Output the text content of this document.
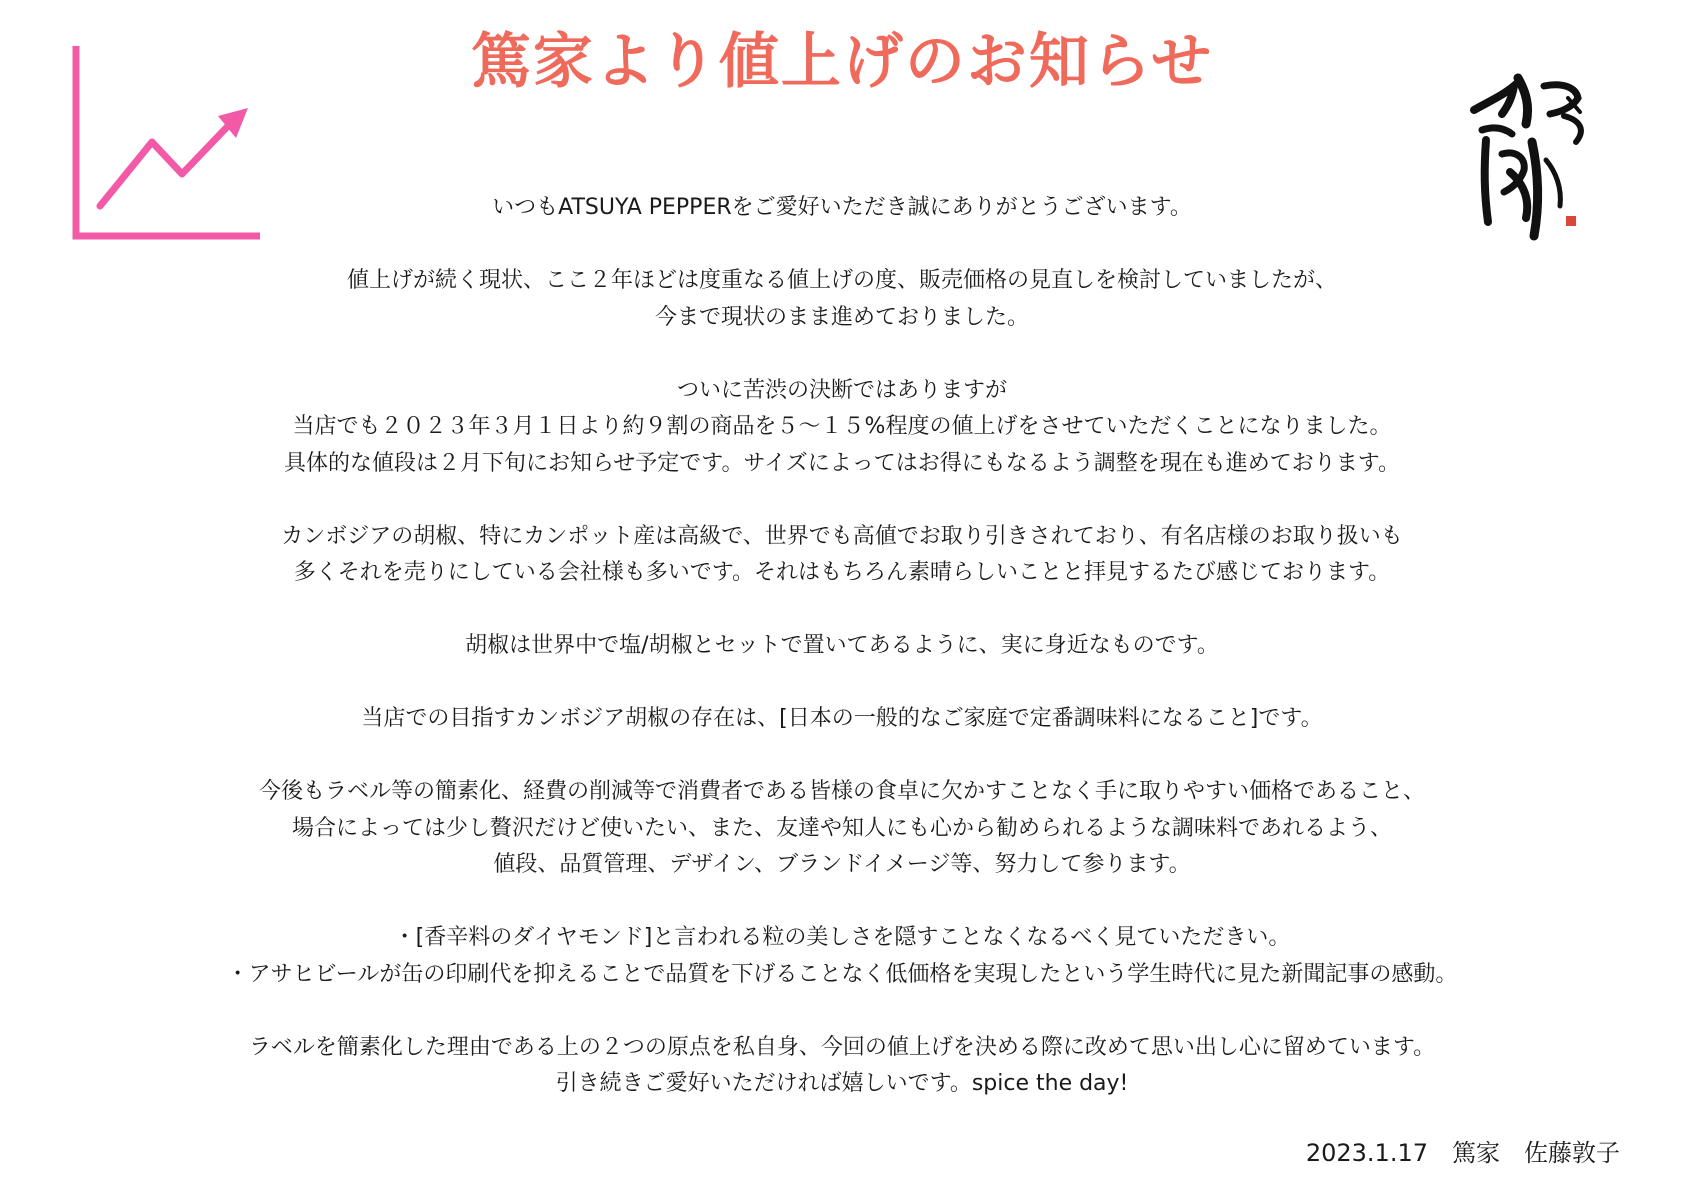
篤家より値上げのお知らせ
いつもATSUYA PEPPERをご愛好いただき誠にありがとうございます。
値上げが続く現状、ここ２年ほどは度重なる値上げの度、販売価格の見直しを検討していましたが、
今まで現状のまま進めておりました。
ついに苦渋の決断ではありますが
当店でも２０２３年３月１日より約９割の商品を５～１５%程度の値上げをさせていただくことになりました。
具体的な値段は２月下旬にお知らせ予定です。サイズによってはお得にもなるよう調整を現在も進めております。
カンボジアの胡椒、特にカンポット産は高級で、世界でも高値でお取り引きされており、有名店様のお取り扱いも
多くそれを売りにしている会社様も多いです。それはもちろん素晴らしいことと拝見するたび感じております。
胡椒は世界中で塩/胡椒とセットで置いてあるように、実に身近なものです。
当店での目指すカンボジア胡椒の存在は、[日本の一般的なご家庭で定番調味料になること]です。
今後もラベル等の簡素化、経費の削減等で消費者である皆様の食卓に欠かすことなく手に取りやすい価格であること、
場合によっては少し贅沢だけど使いたい、また、友達や知人にも心から勧められるような調味料であれるよう、
値段、品質管理、デザイン、ブランドイメージ等、努力して参ります。
・[香辛料のダイヤモンド]と言われる粒の美しさを隠すことなくなるべく見ていただきい。
・アサヒビールが缶の印刷代を抑えることで品質を下げることなく低価格を実現したという学生時代に見た新聞記事の感動。
ラベルを簡素化した理由である上の２つの原点を私自身、今回の値上げを決める際に改めて思い出し心に留めています。
引き続きご愛好いただければ嬉しいです。spice the day!
2023.1.17　篤家　佐藤敦子
